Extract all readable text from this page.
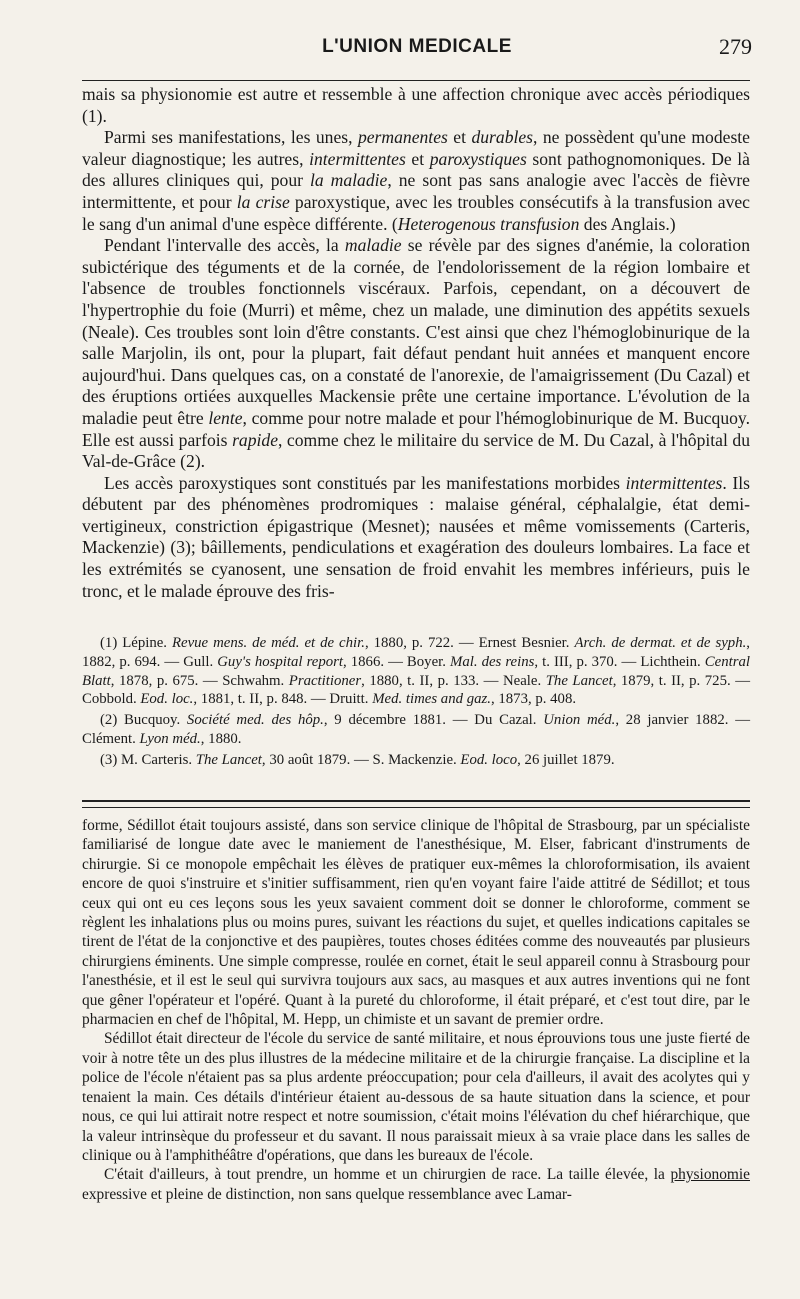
L'UNION MEDICALE	279

mais sa physionomie est autre et ressemble à une affection chronique avec accès périodiques (1).

Parmi ses manifestations, les unes, permanentes et durables, ne possèdent qu'une modeste valeur diagnostique; les autres, intermittentes et paroxystiques sont pathognomoniques. De là des allures cliniques qui, pour la maladie, ne sont pas sans analogie avec l'accès de fièvre intermittente, et pour la crise paroxystique, avec les troubles consécutifs à la transfusion avec le sang d'un animal d'une espèce différente. (Heterogenous transfusion des Anglais.)

Pendant l'intervalle des accès, la maladie se révèle par des signes d'anémie, la coloration subictérique des téguments et de la cornée, de l'endolorissement de la région lombaire et l'absence de troubles fonctionnels viscéraux. Parfois, cependant, on a découvert de l'hypertrophie du foie (Murri) et même, chez un malade, une diminution des appétits sexuels (Neale). Ces troubles sont loin d'être constants. C'est ainsi que chez l'hémoglobinurique de la salle Marjolin, ils ont, pour la plupart, fait défaut pendant huit années et manquent encore aujourd'hui. Dans quelques cas, on a constaté de l'anorexie, de l'amaigrissement (Du Cazal) et des éruptions ortiées auxquelles Mackensie prête une certaine importance. L'évolution de la maladie peut être lente, comme pour notre malade et pour l'hémoglobinurique de M. Bucquoy. Elle est aussi parfois rapide, comme chez le militaire du service de M. Du Cazal, à l'hôpital du Val-de-Grâce (2).

Les accès paroxystiques sont constitués par les manifestations morbides intermittentes. Ils débutent par des phénomènes prodromiques : malaise général, céphalalgie, état demi-vertigineux, constriction épigastrique (Mesnet); nausées et même vomissements (Carteris, Mackenzie) (3); bâillements, pendiculations et exagération des douleurs lombaires. La face et les extrémités se cyanosent, une sensation de froid envahit les membres inférieurs, puis le tronc, et le malade éprouve des fris-

(1) Lépine. Revue mens. de méd. et de chir., 1880, p. 722. — Ernest Besnier. Arch. de dermat. et de syph., 1882, p. 694. — Gull. Guy's hospital report, 1866. — Boyer. Mal. des reins, t. III, p. 370. — Lichthein. Central Blatt, 1878, p. 675. — Schwahm. Practitioner, 1880, t. II, p. 133. — Neale. The Lancet, 1879, t. II, p. 725. — Cobbold. Eod. loc., 1881, t. II, p. 848. — Druitt. Med. times and gaz., 1873, p. 408.

(2) Bucquoy. Société med. des hôp., 9 décembre 1881. — Du Cazal. Union méd., 28 janvier 1882. — Clément. Lyon méd., 1880.

(3) M. Carteris. The Lancet, 30 août 1879. — S. Mackenzie. Eod. loco, 26 juillet 1879.

forme, Sédillot était toujours assisté, dans son service clinique de l'hôpital de Strasbourg, par un spécialiste familiarisé de longue date avec le maniement de l'anesthésique, M. Elser, fabricant d'instruments de chirurgie. Si ce monopole empêchait les élèves de pratiquer eux-mêmes la chloroformisation, ils avaient encore de quoi s'instruire et s'initier suffisamment, rien qu'en voyant faire l'aide attitré de Sédillot; et tous ceux qui ont eu ces leçons sous les yeux savaient comment doit se donner le chloroforme, comment se règlent les inhalations plus ou moins pures, suivant les réactions du sujet, et quelles indications capitales se tirent de l'état de la conjonctive et des paupières, toutes choses éditées comme des nouveautés par plusieurs chirurgiens éminents. Une simple compresse, roulée en cornet, était le seul appareil connu à Strasbourg pour l'anesthésie, et il est le seul qui survivra toujours aux sacs, au masques et aux autres inventions qui ne font que gêner l'opérateur et l'opéré. Quant à la pureté du chloroforme, il était préparé, et c'est tout dire, par le pharmacien en chef de l'hôpital, M. Hepp, un chimiste et un savant de premier ordre.

Sédillot était directeur de l'école du service de santé militaire, et nous éprouvions tous une juste fierté de voir à notre tête un des plus illustres de la médecine militaire et de la chirurgie française. La discipline et la police de l'école n'étaient pas sa plus ardente préoccupation; pour cela d'ailleurs, il avait des acolytes qui y tenaient la main. Ces détails d'intérieur étaient au-dessous de sa haute situation dans la science, et pour nous, ce qui lui attirait notre respect et notre soumission, c'était moins l'élévation du chef hiérarchique, que la valeur intrinsèque du professeur et du savant. Il nous paraissait mieux à sa vraie place dans les salles de clinique ou à l'amphithéâtre d'opérations, que dans les bureaux de l'école.

C'était d'ailleurs, à tout prendre, un homme et un chirurgien de race. La taille élevée, la physionomie expressive et pleine de distinction, non sans quelque ressemblance avec Lamar-
